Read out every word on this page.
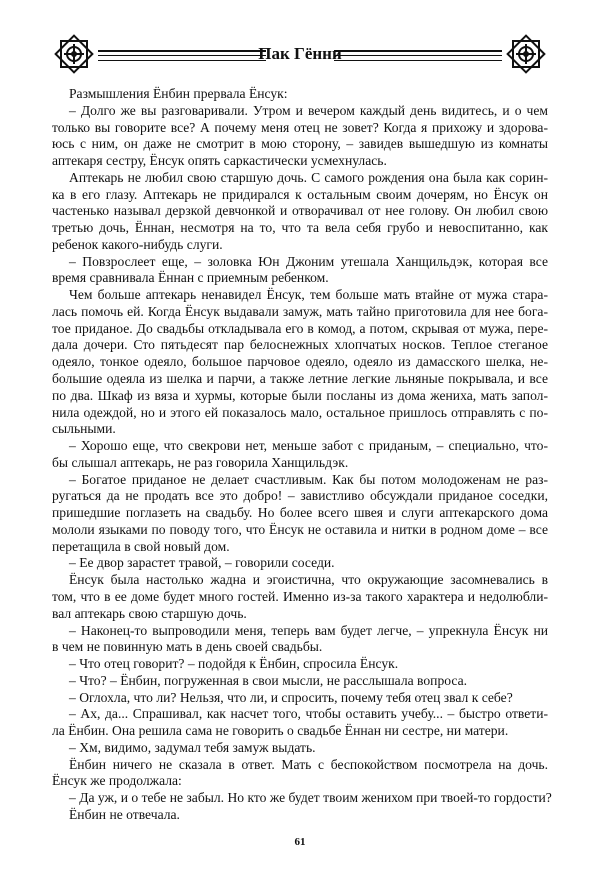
Пак Гённи
Размышления Ёнбин прервала Ёнсук:
– Долго же вы разговаривали. Утром и вечером каждый день видитесь, и о чем
только вы говорите все? А почему меня отец не зовет? Когда я прихожу и здорова-
юсь с ним, он даже не смотрит в мою сторону, – завидев вышедшую из комнаты
аптекаря сестру, Ёнсук опять саркастически усмехнулась.
Аптекарь не любил свою старшую дочь. С самого рождения она была как сорин-
ка в его глазу. Аптекарь не придирался к остальным своим дочерям, но Ёнсук он
частенько называл дерзкой девчонкой и отворачивал от нее голову. Он любил свою
третью дочь, Ённан, несмотря на то, что та вела себя грубо и невоспитанно, как
ребенок какого-нибудь слуги.
– Повзрослеет еще, – золовка Юн Джоним утешала Ханщильдэк, которая все
время сравнивала Ённан с приемным ребенком.
Чем больше аптекарь ненавидел Ёнсук, тем больше мать втайне от мужа стара-
лась помочь ей. Когда Ёнсук выдавали замуж, мать тайно приготовила для нее бога-
тое приданое. До свадьбы откладывала его в комод, а потом, скрывая от мужа, пере-
дала дочери. Сто пятьдесят пар белоснежных хлопчатых носков. Теплое стеганое
одеяло, тонкое одеяло, большое парчовое одеяло, одеяло из дамасского шелка, не-
большие одеяла из шелка и парчи, а также летние легкие льняные покрывала, и все
по два. Шкаф из вяза и хурмы, которые были посланы из дома жениха, мать запол-
нила одеждой, но и этого ей показалось мало, остальное пришлось отправлять с по-
сыльными.
– Хорошо еще, что свекрови нет, меньше забот с приданым, – специально, что-
бы слышал аптекарь, не раз говорила Ханщильдэк.
– Богатое приданое не делает счастливым. Как бы потом молодоженам не раз-
ругаться да не продать все это добро! – завистливо обсуждали приданое соседки,
пришедшие поглазеть на свадьбу. Но более всего швея и слуги аптекарского дома
мололи языками по поводу того, что Ёнсук не оставила и нитки в родном доме – все
перетащила в свой новый дом.
– Ее двор зарастет травой, – говорили соседи.
Ёнсук была настолько жадна и эгоистична, что окружающие засомневались в
том, что в ее доме будет много гостей. Именно из-за такого характера и недолюбли-
вал аптекарь свою старшую дочь.
– Наконец-то выпроводили меня, теперь вам будет легче, – упрекнула Ёнсук ни
в чем не повинную мать в день своей свадьбы.
– Что отец говорит? – подойдя к Ёнбин, спросила Ёнсук.
– Что? – Ёнбин, погруженная в свои мысли, не расслышала вопроса.
– Оглохла, что ли? Нельзя, что ли, и спросить, почему тебя отец звал к себе?
– Ах, да... Спрашивал, как насчет того, чтобы оставить учебу... – быстро ответи-
ла Ёнбин. Она решила сама не говорить о свадьбе Ённан ни сестре, ни матери.
– Хм, видимо, задумал тебя замуж выдать.
Ёнбин ничего не сказала в ответ. Мать с беспокойством посмотрела на дочь.
Ёнсук же продолжала:
– Да уж, и о тебе не забыл. Но кто же будет твоим женихом при твоей-то гордости?
Ёнбин не отвечала.
61
